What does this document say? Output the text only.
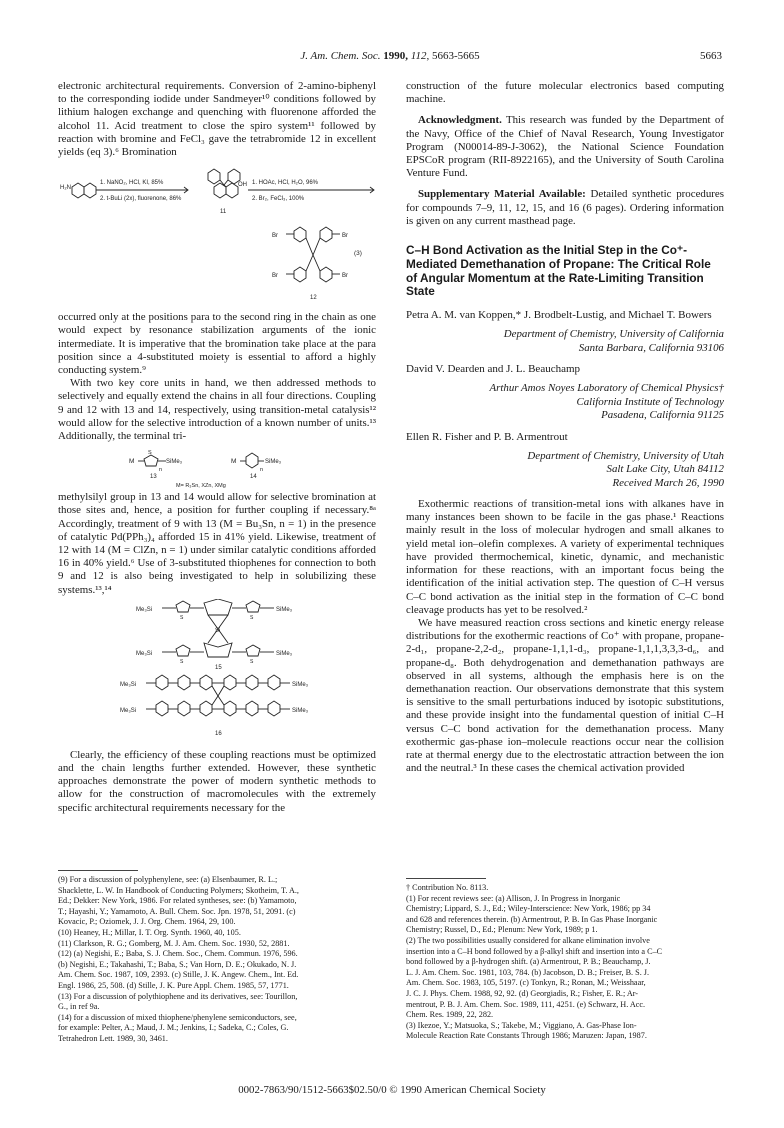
J. Am. Chem. Soc. 1990, 112, 5663-5665	5663

electronic architectural requirements. Conversion of 2-amino-biphenyl to the corresponding iodide under Sandmeyer¹⁰ conditions followed by lithium halogen exchange and quenching with fluorenone afforded the alcohol 11. Acid treatment to close the spiro system¹¹ followed by reaction with bromine and FeCl₃ gave the tetrabromide 12 in excellent yields (eq 3).⁶ Bromination

H₂N
1. NaNO₂, HCl, KI, 85%
2. t-BuLi (2x), fluorenone, 86%
OH
11
1. HOAc, HCl, H₂O, 96%
2. Br₂, FeCl₃, 100%
Br	Br
Br	Br
(3)
12

occurred only at the positions para to the second ring in the chain as one would expect by resonance stabilization arguments of the ionic intermediate. It is imperative that the bromination take place at the para position since a 4-substituted moiety is essential to afford a highly conducting system.⁹

With two key core units in hand, we then addressed methods to selectively and equally extend the chains in all four directions. Coupling 9 and 12 with 13 and 14, respectively, using transition-metal catalysis¹² would allow for the selective introduction of a known number of units.¹³ Additionally, the terminal tri-

M
S
n
SiMe₃	M
n
SiMe₃
13	14
M= R₃Sn, XZn, XMg

methylsilyl group in 13 and 14 would allow for selective bromination at those sites and, hence, a position for further coupling if necessary.⁸ᵃ Accordingly, treatment of 9 with 13 (M = Bu₃Sn, n = 1) in the presence of catalytic Pd(PPh₃)₄ afforded 15 in 41% yield. Likewise, treatment of 12 with 14 (M = ClZn, n = 1) under similar catalytic conditions afforded 16 in 40% yield.⁶ Use of 3-substituted thiophenes for connection to both 9 and 12 is also being investigated to help in solubilizing these systems.¹³,¹⁴

Me₃Si	SiMe₃
Si
Me₃Si	SiMe₃
S	S
S	S
15
Me₃Si	SiMe₃
Me₃Si	SiMe₃
16

Clearly, the efficiency of these coupling reactions must be optimized and the chain lengths further extended. However, these synthetic approaches demonstrate the power of modern synthetic methods to allow for the construction of macromolecules with the extremely specific architectural requirements necessary for the

(9) For a discussion of polyphenylene, see: (a) Elsenbaumer, R. L.;
Shacklette, L. W. In Handbook of Conducting Polymers; Skotheim, T. A.,
Ed.; Dekker: New York, 1986. For related syntheses, see: (b) Yamamoto,
T.; Hayashi, Y.; Yamamoto, A. Bull. Chem. Soc. Jpn. 1978, 51, 2091. (c)
Kovacic, P.; Oziomek, J. J. Org. Chem. 1964, 29, 100.
(10) Heaney, H.; Millar, I. T. Org. Synth. 1960, 40, 105.
(11) Clarkson, R. G.; Gomberg, M. J. Am. Chem. Soc. 1930, 52, 2881.
(12) (a) Negishi, E.; Baba, S. J. Chem. Soc., Chem. Commun. 1976, 596.
(b) Negishi, E.; Takahashi, T.; Baba, S.; Van Horn, D. E.; Okukado, N. J.
Am. Chem. Soc. 1987, 109, 2393. (c) Stille, J. K. Angew. Chem., Int. Ed.
Engl. 1986, 25, 508. (d) Stille, J. K. Pure Appl. Chem. 1985, 57, 1771.
(13) For a discussion of polythiophene and its derivatives, see: Tourillon,
G., in ref 9a.
(14) for a discussion of mixed thiophene/phenylene semiconductors, see,
for example: Pelter, A.; Maud, J. M.; Jenkins, I.; Sadeka, C.; Coles, G.
Tetrahedron Lett. 1989, 30, 3461.

construction of the future molecular electronics based computing machine.

Acknowledgment. This research was funded by the Department of the Navy, Office of the Chief of Naval Research, Young Investigator Program (N00014-89-J-3062), the National Science Foundation EPSCoR program (RII-8922165), and the University of South Carolina Venture Fund.

Supplementary Material Available: Detailed synthetic procedures for compounds 7–9, 11, 12, 15, and 16 (6 pages). Ordering information is given on any current masthead page.

C–H Bond Activation as the Initial Step in the Co⁺-Mediated Demethanation of Propane: The Critical Role of Angular Momentum at the Rate-Limiting Transition State
Petra A. M. van Koppen,* J. Brodbelt-Lustig, and Michael T. Bowers
Department of Chemistry, University of California
Santa Barbara, California 93106
David V. Dearden and J. L. Beauchamp
Arthur Amos Noyes Laboratory of Chemical Physics†
California Institute of Technology
Pasadena, California 91125
Ellen R. Fisher and P. B. Armentrout
Department of Chemistry, University of Utah
Salt Lake City, Utah 84112
Received March 26, 1990

Exothermic reactions of transition-metal ions with alkanes have in many instances been shown to be facile in the gas phase.¹ Reactions mainly result in the loss of molecular hydrogen and small alkanes to yield metal ion–olefin complexes. A variety of experimental techniques have provided thermochemical, kinetic, dynamic, and mechanistic information for these reactions, with an important focus being the identification of the initial activation step. The question of C–H versus C–C bond activation as the initial step in the formation of C–C bond cleavage products has yet to be resolved.²

We have measured reaction cross sections and kinetic energy release distributions for the exothermic reactions of Co⁺ with propane, propane-2-d₁, propane-2,2-d₂, propane-1,1,1-d₃, propane-1,1,1,3,3,3-d₆, and propane-d₈. Both dehydrogenation and demethanation pathways are observed in all systems, although the emphasis here is on the demethanation reaction. Our observations demonstrate that this system is sensitive to the small perturbations induced by isotopic substitutions, and these provide insight into the fundamental question of initial C–H versus C–C bond activation for the demethanation process. Many exothermic gas-phase ion–molecule reactions occur near the collision rate at thermal energy due to the electrostatic attraction between the ion and the neutral.³ In these cases the chemical activation provided

† Contribution No. 8113.
(1) For recent reviews see: (a) Allison, J. In Progress in Inorganic
Chemistry; Lippard, S. J., Ed.; Wiley-Interscience: New York, 1986; pp 34
and 628 and references therein. (b) Armentrout, P. B. In Gas Phase Inorganic
Chemistry; Russel, D., Ed.; Plenum: New York, 1989; p 1.
(2) The two possibilities usually considered for alkane elimination involve
insertion into a C–H bond followed by a β-alkyl shift and insertion into a C–C
bond followed by a β-hydrogen shift. (a) Armentrout, P. B.; Beauchamp, J.
L. J. Am. Chem. Soc. 1981, 103, 784. (b) Jacobson, D. B.; Freiser, B. S. J.
Am. Chem. Soc. 1983, 105, 5197. (c) Tonkyn, R.; Ronan, M.; Weisshaar,
J. C. J. Phys. Chem. 1988, 92, 92. (d) Georgiadis, R.; Fisher, E. R.; Ar-
mentrout, P. B. J. Am. Chem. Soc. 1989, 111, 4251. (e) Schwarz, H. Acc.
Chem. Res. 1989, 22, 282.
(3) Ikezoe, Y.; Matsuoka, S.; Takebe, M.; Viggiano, A. Gas-Phase Ion-
Molecule Reaction Rate Constants Through 1986; Maruzen: Japan, 1987.
0002-7863/90/1512-5663$02.50/0 © 1990 American Chemical Society
